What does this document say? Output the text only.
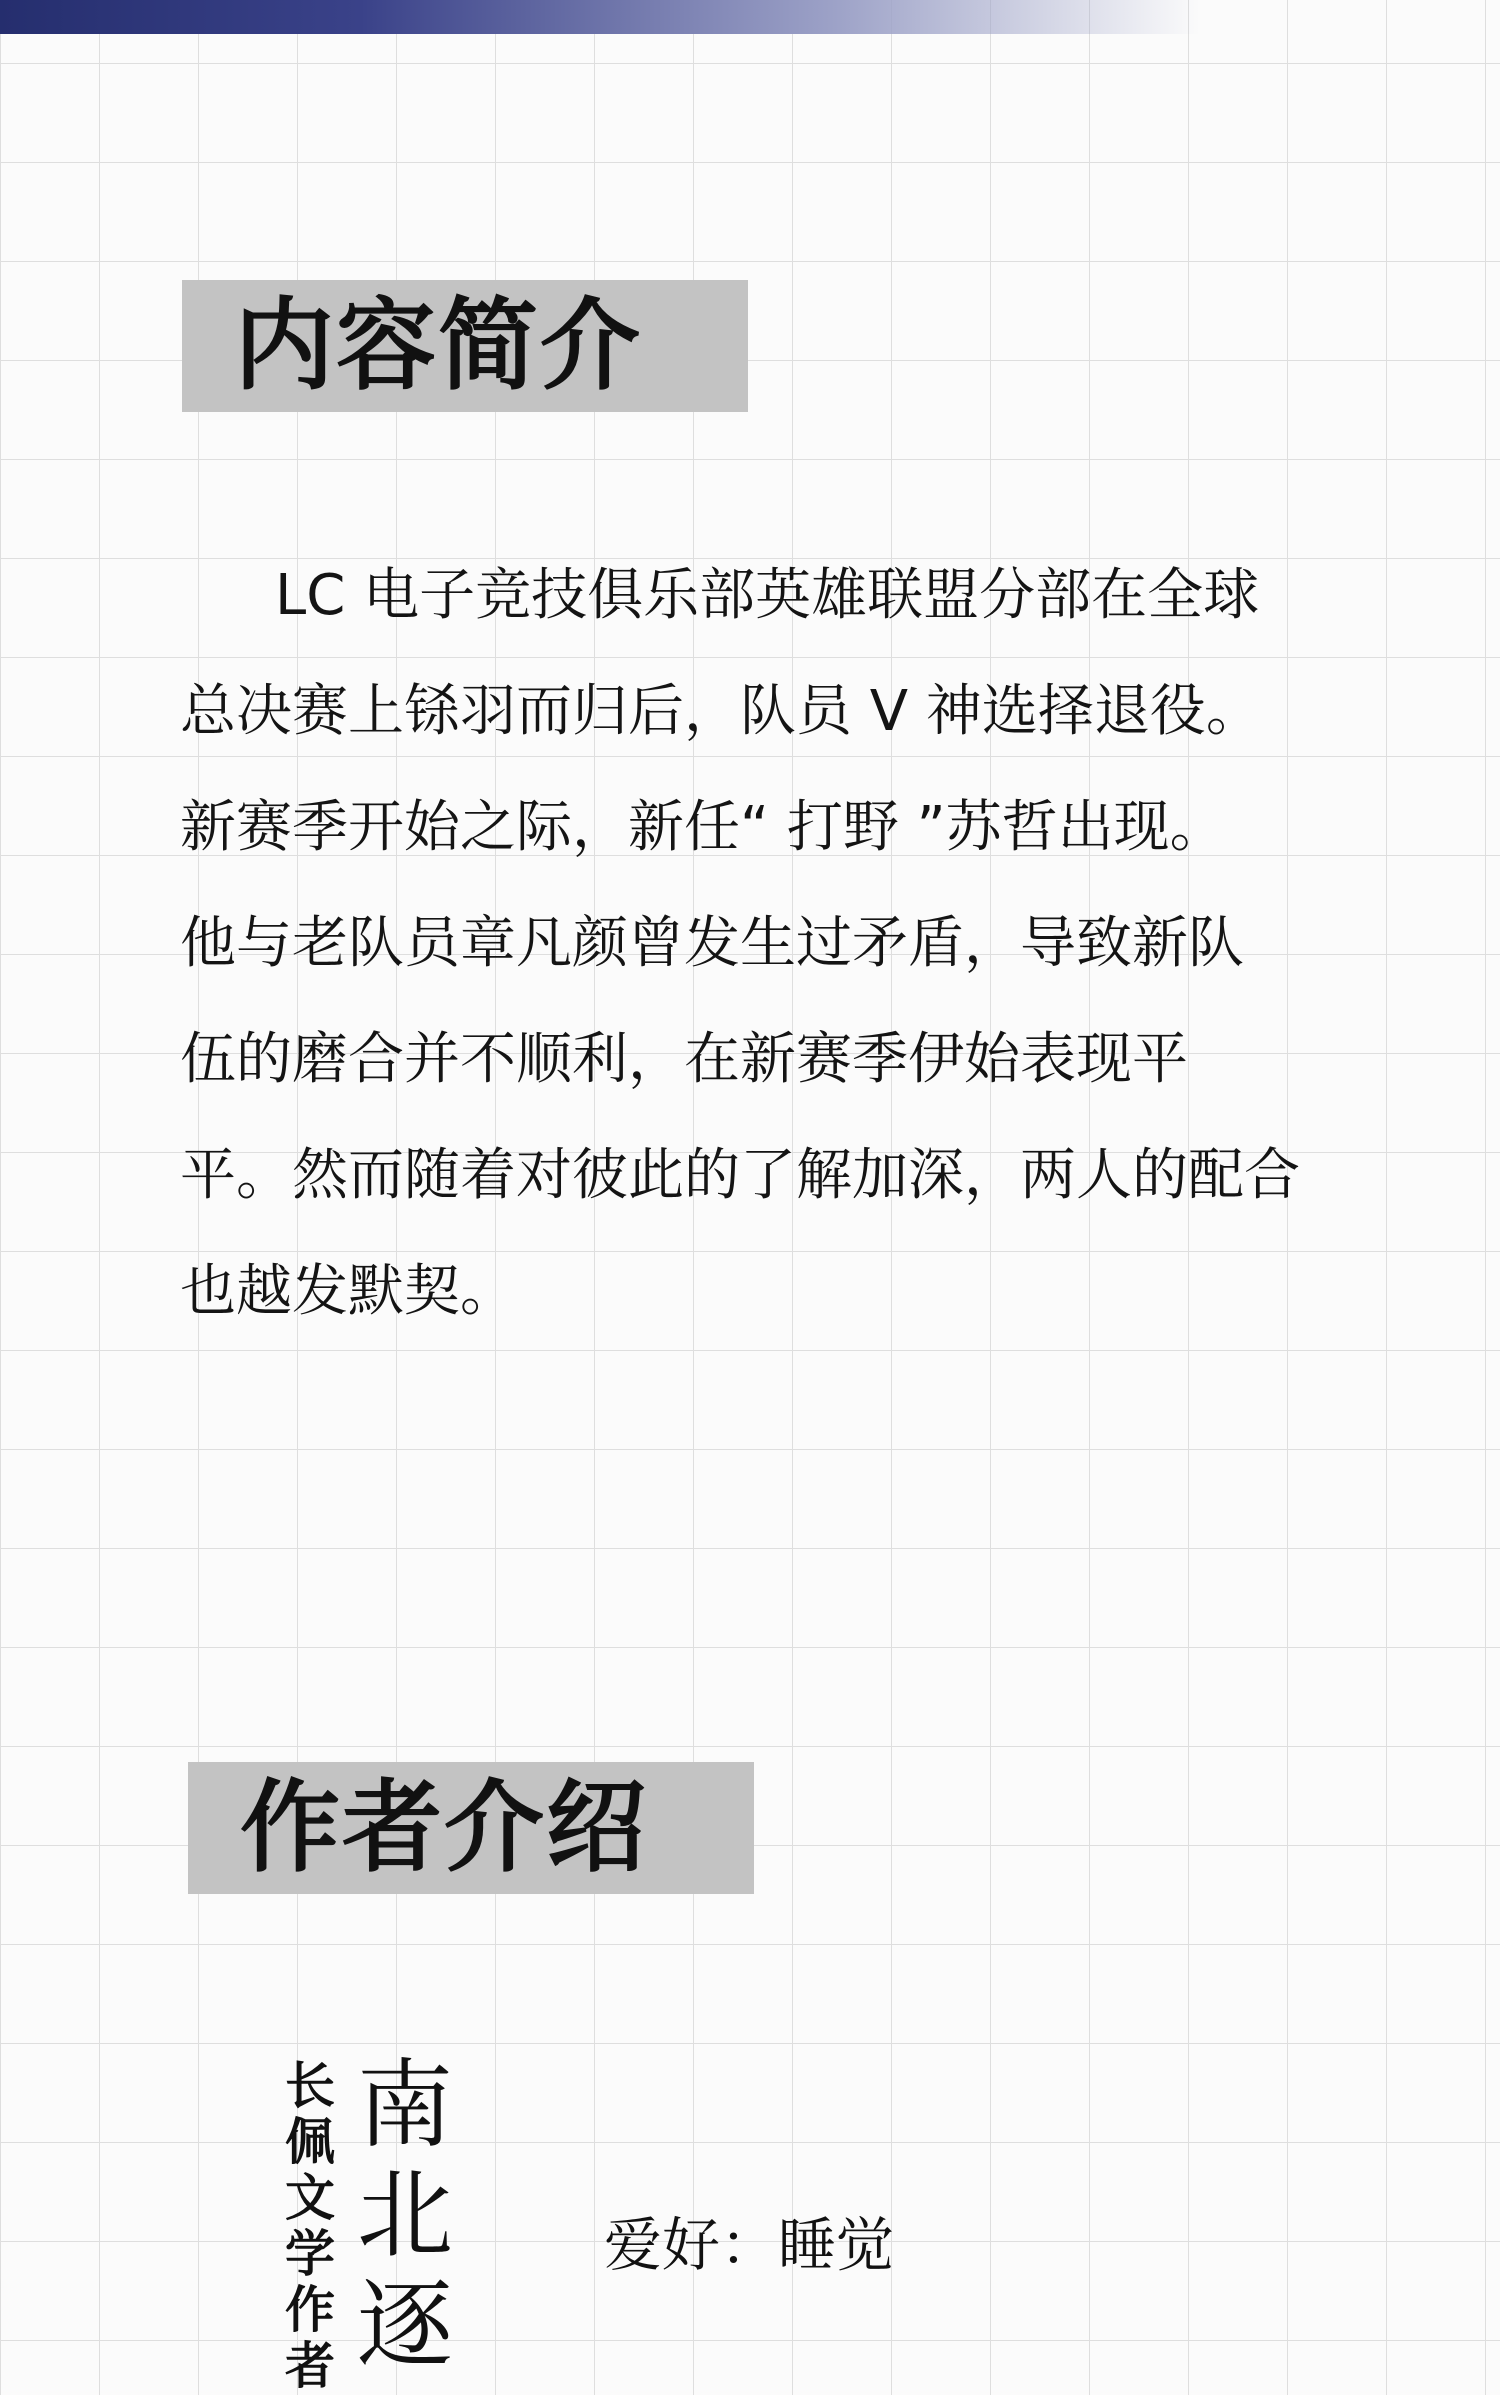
内容简介
LC 电子竞技俱乐部英雄联盟分部在全球
总决赛上铩羽而归后，队员 V 神选择退役。
新赛季开始之际，新任“ 打野 ”苏哲出现。
他与老队员章凡颜曾发生过矛盾，导致新队
伍的磨合并不顺利，在新赛季伊始表现平
平。然而随着对彼此的了解加深，两人的配合
也越发默契。
作者介绍
长佩文学作者
南北逐
爱好：睡觉
